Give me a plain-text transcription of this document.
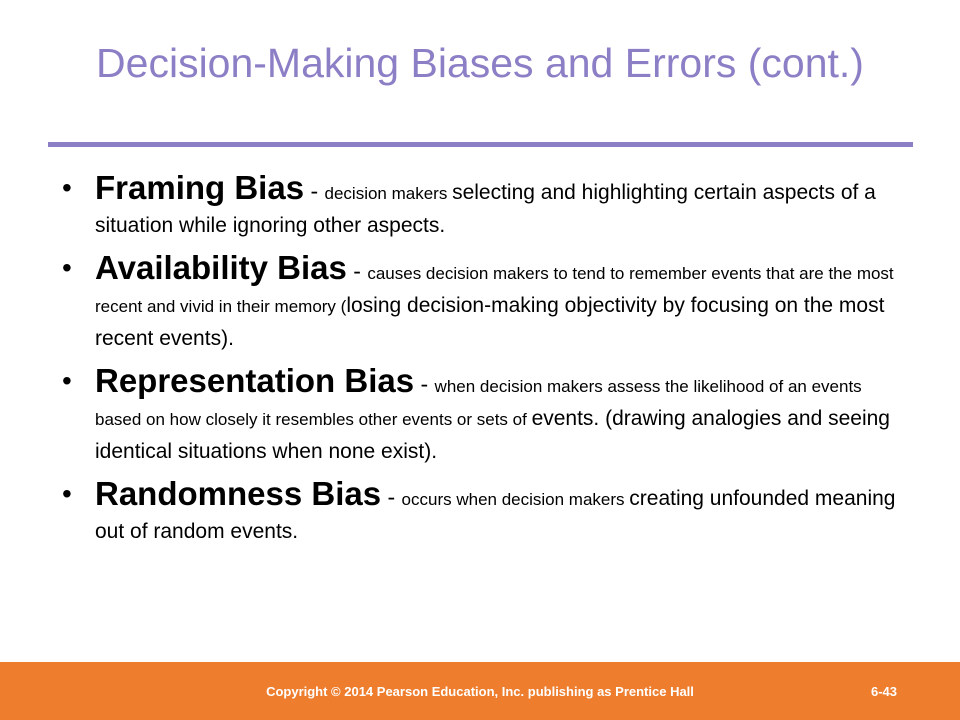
Decision-Making Biases and Errors (cont.)
• Framing Bias - decision makers selecting and highlighting certain aspects of a situation while ignoring other aspects.
• Availability Bias - causes decision makers to tend to remember events that are the most recent and vivid in their memory (losing decision-making objectivity by focusing on the most recent events).
• Representation Bias - when decision makers assess the likelihood of an events based on how closely it resembles other events or sets of events. (drawing analogies and seeing identical situations when none exist).
• Randomness Bias - occurs when decision makers creating unfounded meaning out of random events.
Copyright © 2014 Pearson Education, Inc. publishing as Prentice Hall	6-43
